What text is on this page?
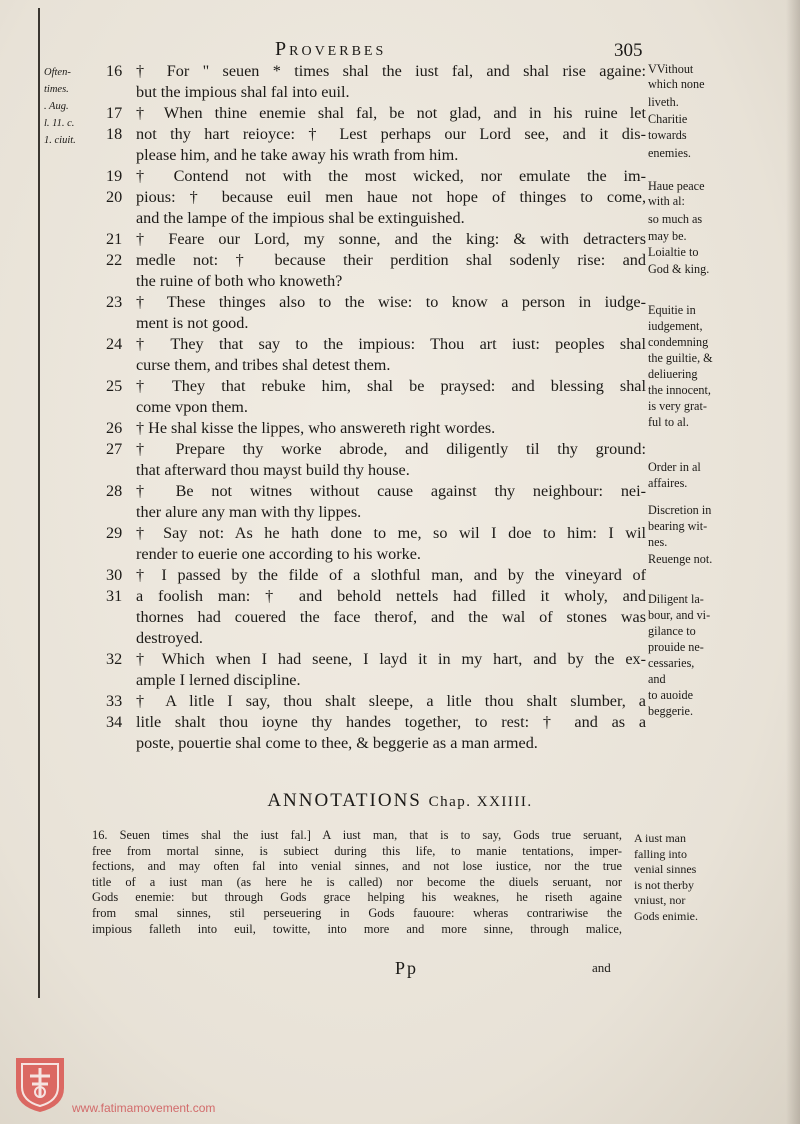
Proverbes	305
Often-
times.
. Aug.
l. 11. c.
1. ciuit.
16 † For " seuen * times shal the iust fal, and shal rise againe:
but the impious shal fal into euil.
17 † When thine enemie shal fal, be not glad, and in his ruine let
18 not thy hart reioyce: † Lest perhaps our Lord see, and it dis-
please him, and he take away his wrath from him.
19 † Contend not with the most wicked, nor emulate the im-
20 pious: † because euil men haue not hope of thinges to come,
and the lampe of the impious shal be extinguished.
21 † Feare our Lord, my sonne, and the king: & with detracters
22 medle not: † because their perdition shal sodenly rise: and
the ruine of both who knoweth?
23 † These thinges also to the wise: to know a person in iudge-
ment is not good.
24 † They that say to the impious: Thou art iust: peoples shal
curse them, and tribes shal detest them.
25 † They that rebuke him, shal be praysed: and blessing shal
come vpon them.
26 † He shal kisse the lippes, who answereth right wordes.
27 † Prepare thy worke abrode, and diligently til thy ground:
that afterward thou mayst build thy house.
28 † Be not witnes without cause against thy neighbour: nei-
ther alure any man with thy lippes.
29 † Say not: As he hath done to me, so wil I doe to him: I wil
render to euerie one according to his worke.
30 † I passed by the filde of a slothful man, and by the vineyard of
31 a foolish man: † and behold nettels had filled it wholy, and
thornes had couered the face therof, and the wal of stones was
destroyed.
32 † Which when I had seene, I layd it in my hart, and by the ex-
ample I lerned discipline.
33 † A litle I say, thou shalt sleepe, a litle thou shalt slumber, a
34 litle shalt thou ioyne thy handes together, to rest: † and as a
poste, pouertie shal come to thee, & beggerie as a man armed.
VVithout
which none
liveth.
Charitie
towards
enemies.
Haue peace
with al:
so much as
may be.
Loialtie to
God & king.
Equitie in
iudgement,
condemning
the guiltie, &
deliuering
the innocent,
is very grat-
ful to al.
Order in al
affaires.
Discretion in
bearing wit-
nes.
Reuenge not.
Diligent la-
bour, and vi-
gilance to
prouide ne-
cessaries,
and
to auoide
beggerie.
ANNOTATIONS Chap. XXIIII.
16. Seuen times shal the iust fal.] A iust man, that is to say, Gods true seruant,
free from mortal sinne, is subiect during this life, to manie tentations, imper-
fections, and may often fal into venial sinnes, and not lose iustice, nor the true
title of a iust man (as here he is called) nor become the diuels seruant, nor
Gods enemie: but through Gods grace helping his weaknes, he riseth againe
from smal sinnes, stil perseuering in Gods fauoure: wheras contrariwise the
impious falleth into euil, towitte, into more and more sinne, through malice,
A iust man
falling into
venial sinnes
is not therby
vniust, nor
Gods enimie.
Pp	and
www.fatimamovement.com
